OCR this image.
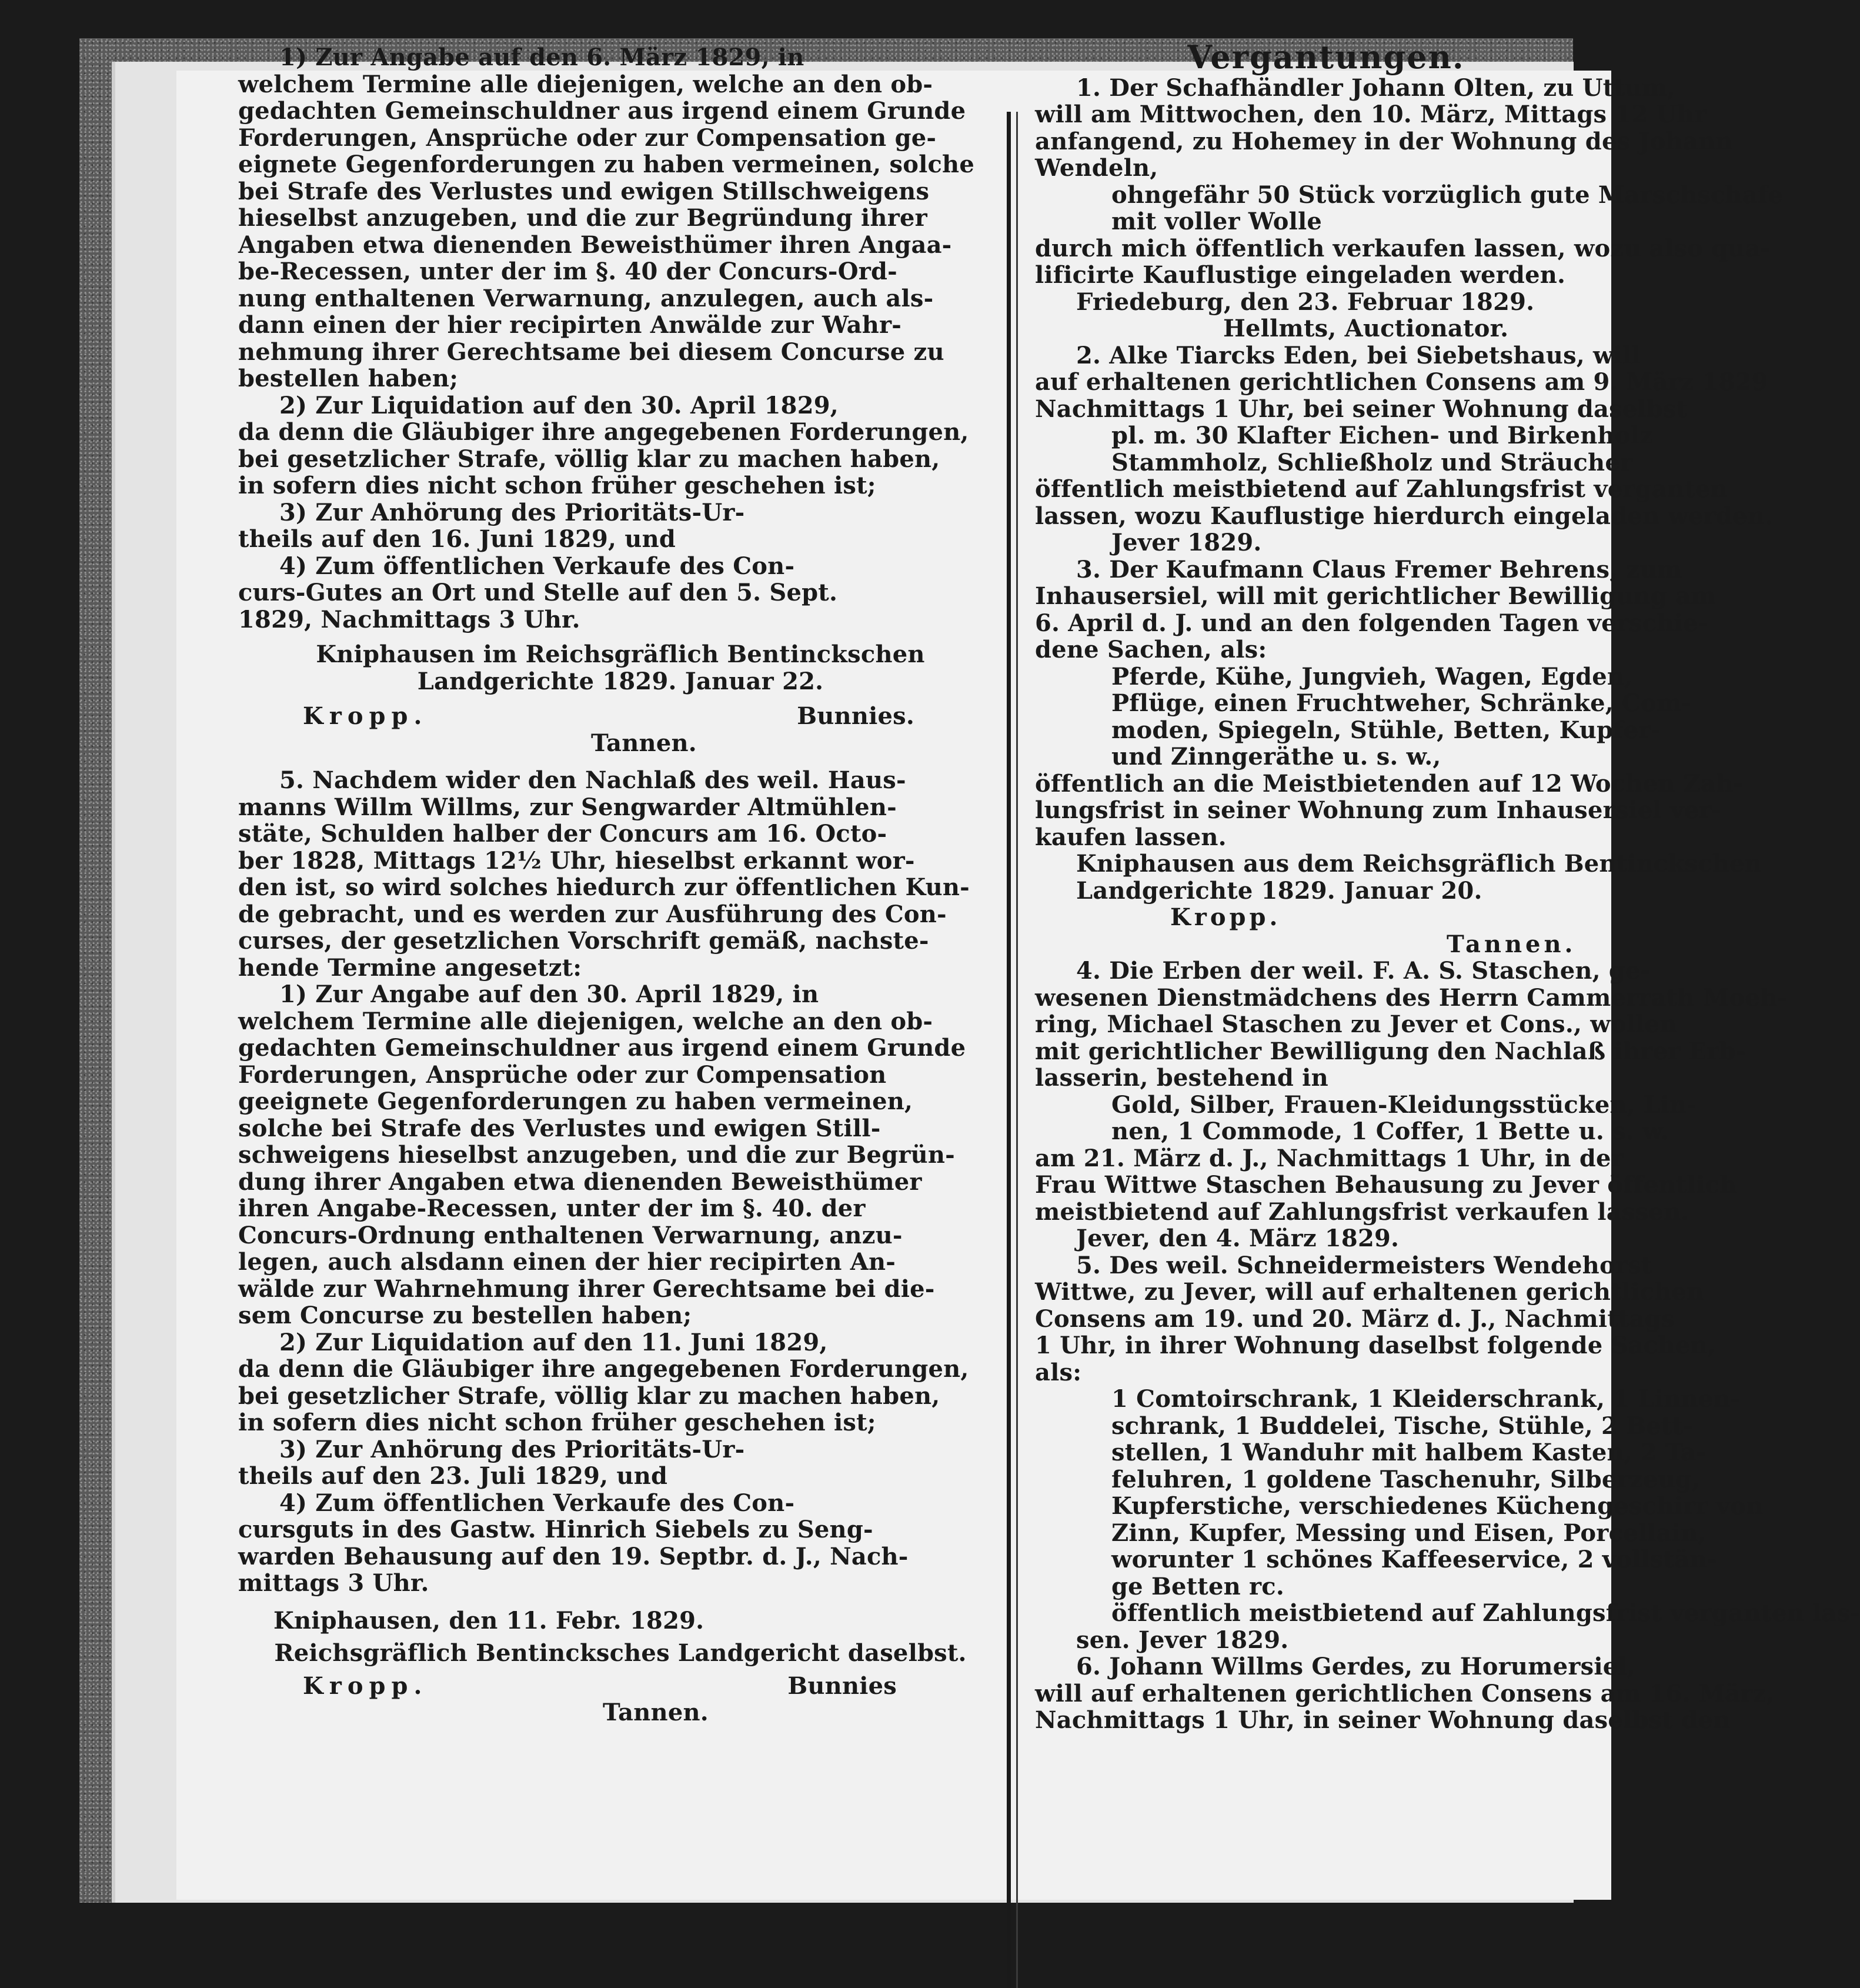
1) Zur Angabe auf den 6. März 1829, in
welchem Termine alle diejenigen, welche an den ob-
gedachten Gemeinschuldner aus irgend einem Grunde
Forderungen, Ansprüche oder zur Compensation ge-
eignete Gegenforderungen zu haben vermeinen, solche
bei Strafe des Verlustes und ewigen Stillschweigens
hieselbst anzugeben, und die zur Begründung ihrer
Angaben etwa dienenden Beweisthümer ihren Angaa-
be-Recessen, unter der im §. 40 der Concurs-Ord-
nung enthaltenen Verwarnung, anzulegen, auch als-
dann einen der hier recipirten Anwälde zur Wahr-
nehmung ihrer Gerechtsame bei diesem Concurse zu
bestellen haben;
2) Zur Liquidation auf den 30. April 1829,
da denn die Gläubiger ihre angegebenen Forderungen,
bei gesetzlicher Strafe, völlig klar zu machen haben,
in sofern dies nicht schon früher geschehen ist;
3) Zur Anhörung des Prioritäts-Ur-
theils auf den 16. Juni 1829, und
4) Zum öffentlichen Verkaufe des Con-
curs-Gutes an Ort und Stelle auf den 5. Sept.
1829, Nachmittags 3 Uhr.
Kniphausen im Reichsgräflich Bentinckschen
Landgerichte 1829. Januar 22.
Kropp.	Bunnies.
Tannen.
5. Nachdem wider den Nachlaß des weil. Haus-
manns Willm Willms, zur Sengwarder Altmühlen-
stäte, Schulden halber der Concurs am 16. Octo-
ber 1828, Mittags 12½ Uhr, hieselbst erkannt wor-
den ist, so wird solches hiedurch zur öffentlichen Kun-
de gebracht, und es werden zur Ausführung des Con-
curses, der gesetzlichen Vorschrift gemäß, nachste-
hende Termine angesetzt:
1) Zur Angabe auf den 30. April 1829, in
welchem Termine alle diejenigen, welche an den ob-
gedachten Gemeinschuldner aus irgend einem Grunde
Forderungen, Ansprüche oder zur Compensation
geeignete Gegenforderungen zu haben vermeinen,
solche bei Strafe des Verlustes und ewigen Still-
schweigens hieselbst anzugeben, und die zur Begrün-
dung ihrer Angaben etwa dienenden Beweisthümer
ihren Angabe-Recessen, unter der im §. 40. der
Concurs-Ordnung enthaltenen Verwarnung, anzu-
legen, auch alsdann einen der hier recipirten An-
wälde zur Wahrnehmung ihrer Gerechtsame bei die-
sem Concurse zu bestellen haben;
2) Zur Liquidation auf den 11. Juni 1829,
da denn die Gläubiger ihre angegebenen Forderungen,
bei gesetzlicher Strafe, völlig klar zu machen haben,
in sofern dies nicht schon früher geschehen ist;
3) Zur Anhörung des Prioritäts-Ur-
theils auf den 23. Juli 1829, und
4) Zum öffentlichen Verkaufe des Con-
cursguts in des Gastw. Hinrich Siebels zu Seng-
warden Behausung auf den 19. Septbr. d. J., Nach-
mittags 3 Uhr.
Kniphausen, den 11. Febr. 1829.
Reichsgräflich Bentincksches Landgericht daselbst.
Kropp.	Bunnies
Tannen.
Vergantungen.
1. Der Schafhändler Johann Olten, zu Uttum,
will am Mittwochen, den 10. März, Mittags 12 Uhr
anfangend, zu Hohemey in der Wohnung des Johann
Wendeln,
ohngefähr 50 Stück vorzüglich gute Marschschafe
mit voller Wolle
durch mich öffentlich verkaufen lassen, wozu also qua-
lificirte Kauflustige eingeladen werden.
Friedeburg, den 23. Februar 1829.
Hellmts, Auctionator.
2. Alke Tiarcks Eden, bei Siebetshaus, will
auf erhaltenen gerichtlichen Consens am 9. März 1829
Nachmittags 1 Uhr, bei seiner Wohnung daselbst
pl. m. 30 Klafter Eichen- und Birkenholz
Stammholz, Schließholz und Sträucher
öffentlich meistbietend auf Zahlungsfrist verganten
lassen, wozu Kauflustige hierdurch eingeladen werden.
Jever 1829.
3. Der Kaufmann Claus Fremer Behrens, zum
Inhausersiel, will mit gerichtlicher Bewilligung am
6. April d. J. und an den folgenden Tagen verschie-
dene Sachen, als:
Pferde, Kühe, Jungvieh, Wagen, Egden,
Pflüge, einen Fruchtweher, Schränke, Com-
moden, Spiegeln, Stühle, Betten, Kupfer-
und Zinngeräthe u. s. w.,
öffentlich an die Meistbietenden auf 12 Wochen Zah-
lungsfrist in seiner Wohnung zum Inhausersiel ver-
kaufen lassen.
Kniphausen aus dem Reichsgräflich Bentinckschen
Landgerichte 1829. Januar 20.
Kropp.
Tannen.
4. Die Erben der weil. F. A. S. Staschen, ge-
wesenen Dienstmädchens des Herrn Cammerrath Moeh-
ring, Michael Staschen zu Jever et Cons., wollen
mit gerichtlicher Bewilligung den Nachlaß ihrer Erb-
lasserin, bestehend in
Gold, Silber, Frauen-Kleidungsstücken, Lin-
nen, 1 Commode, 1 Coffer, 1 Bette u. s. w.
am 21. März d. J., Nachmittags 1 Uhr, in der
Frau Wittwe Staschen Behausung zu Jever öffentlich
meistbietend auf Zahlungsfrist verkaufen lassen.
Jever, den 4. März 1829.
5. Des weil. Schneidermeisters Wendehorst
Wittwe, zu Jever, will auf erhaltenen gerichtlichen
Consens am 19. und 20. März d. J., Nachmittags
1 Uhr, in ihrer Wohnung daselbst folgende Sachen,
als:
1 Comtoirschrank, 1 Kleiderschrank, 1 Linnen-
schrank, 1 Buddelei, Tische, Stühle, 2 Bett-
stellen, 1 Wanduhr mit halbem Kasten, 2 Ta-
feluhren, 1 goldene Taschenuhr, Silberzeug,
Kupferstiche, verschiedenes Küchengeschirr von
Zinn, Kupfer, Messing und Eisen, Porcellain,
worunter 1 schönes Kaffeeservice, 2 vollstän-
ge Betten rc.
öffentlich meistbietend auf Zahlungsfrist verganten las-
sen. Jever 1829.
6. Johann Willms Gerdes, zu Horumersiel,
will auf erhaltenen gerichtlichen Consens am 16. März,
Nachmittags 1 Uhr, in seiner Wohnung daselbst den
